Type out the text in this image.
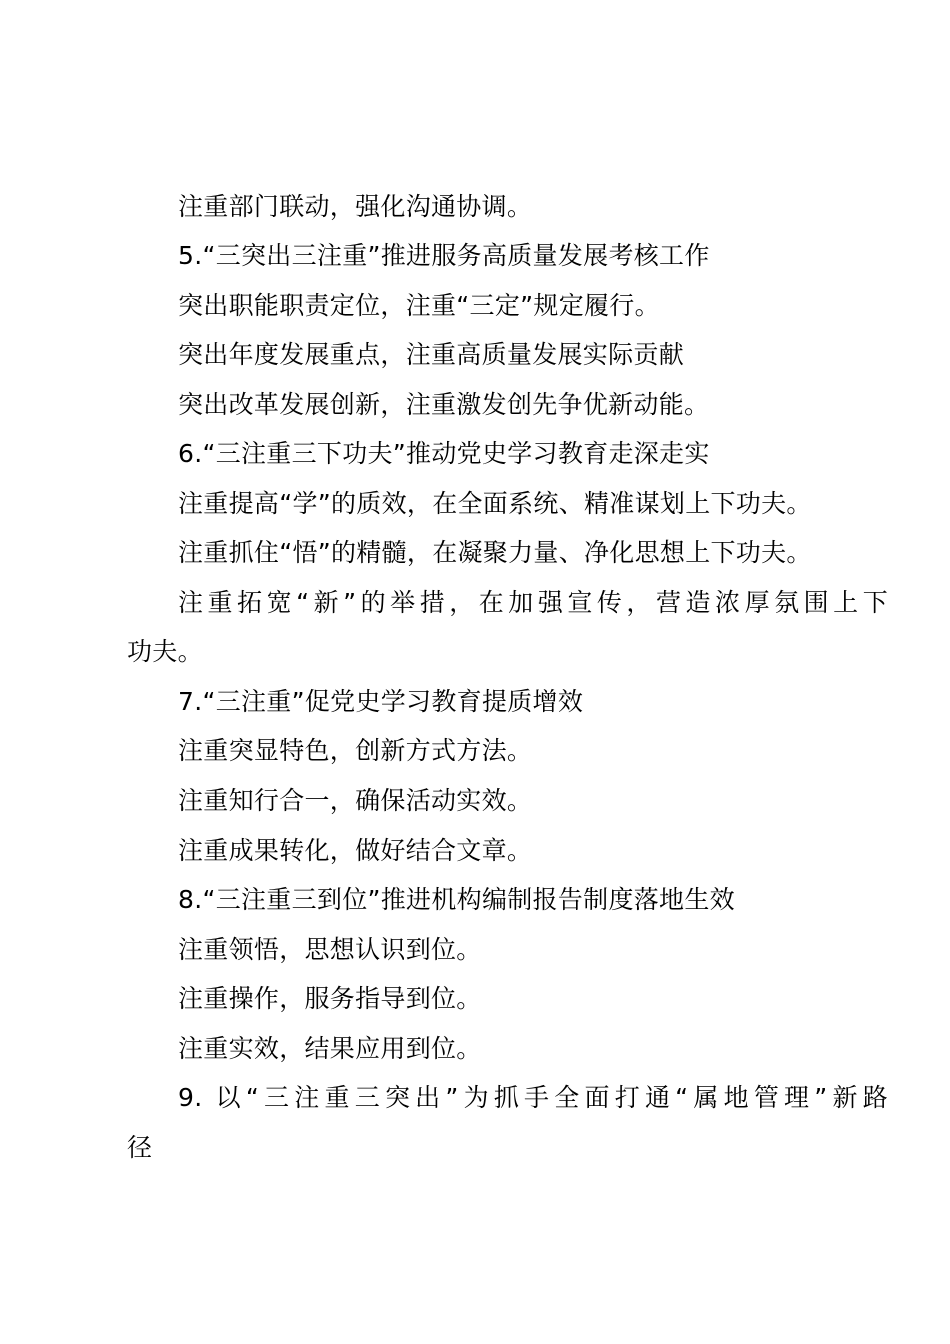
注重部门联动，强化沟通协调。
5.“三突出三注重”推进服务高质量发展考核工作
突出职能职责定位，注重“三定”规定履行。
突出年度发展重点，注重高质量发展实际贡献
突出改革发展创新，注重激发创先争优新动能。
6.“三注重三下功夫”推动党史学习教育走深走实
注重提高“学”的质效，在全面系统、精准谋划上下功夫。
注重抓住“悟”的精髓，在凝聚力量、净化思想上下功夫。
注重拓宽“新”的举措，在加强宣传，营造浓厚氛围上下
功夫。
7.“三注重”促党史学习教育提质增效
注重突显特色，创新方式方法。
注重知行合一，确保活动实效。
注重成果转化，做好结合文章。
8.“三注重三到位”推进机构编制报告制度落地生效
注重领悟，思想认识到位。
注重操作，服务指导到位。
注重实效，结果应用到位。
9. 以“三注重三突出”为抓手全面打通“属地管理”新路
径
